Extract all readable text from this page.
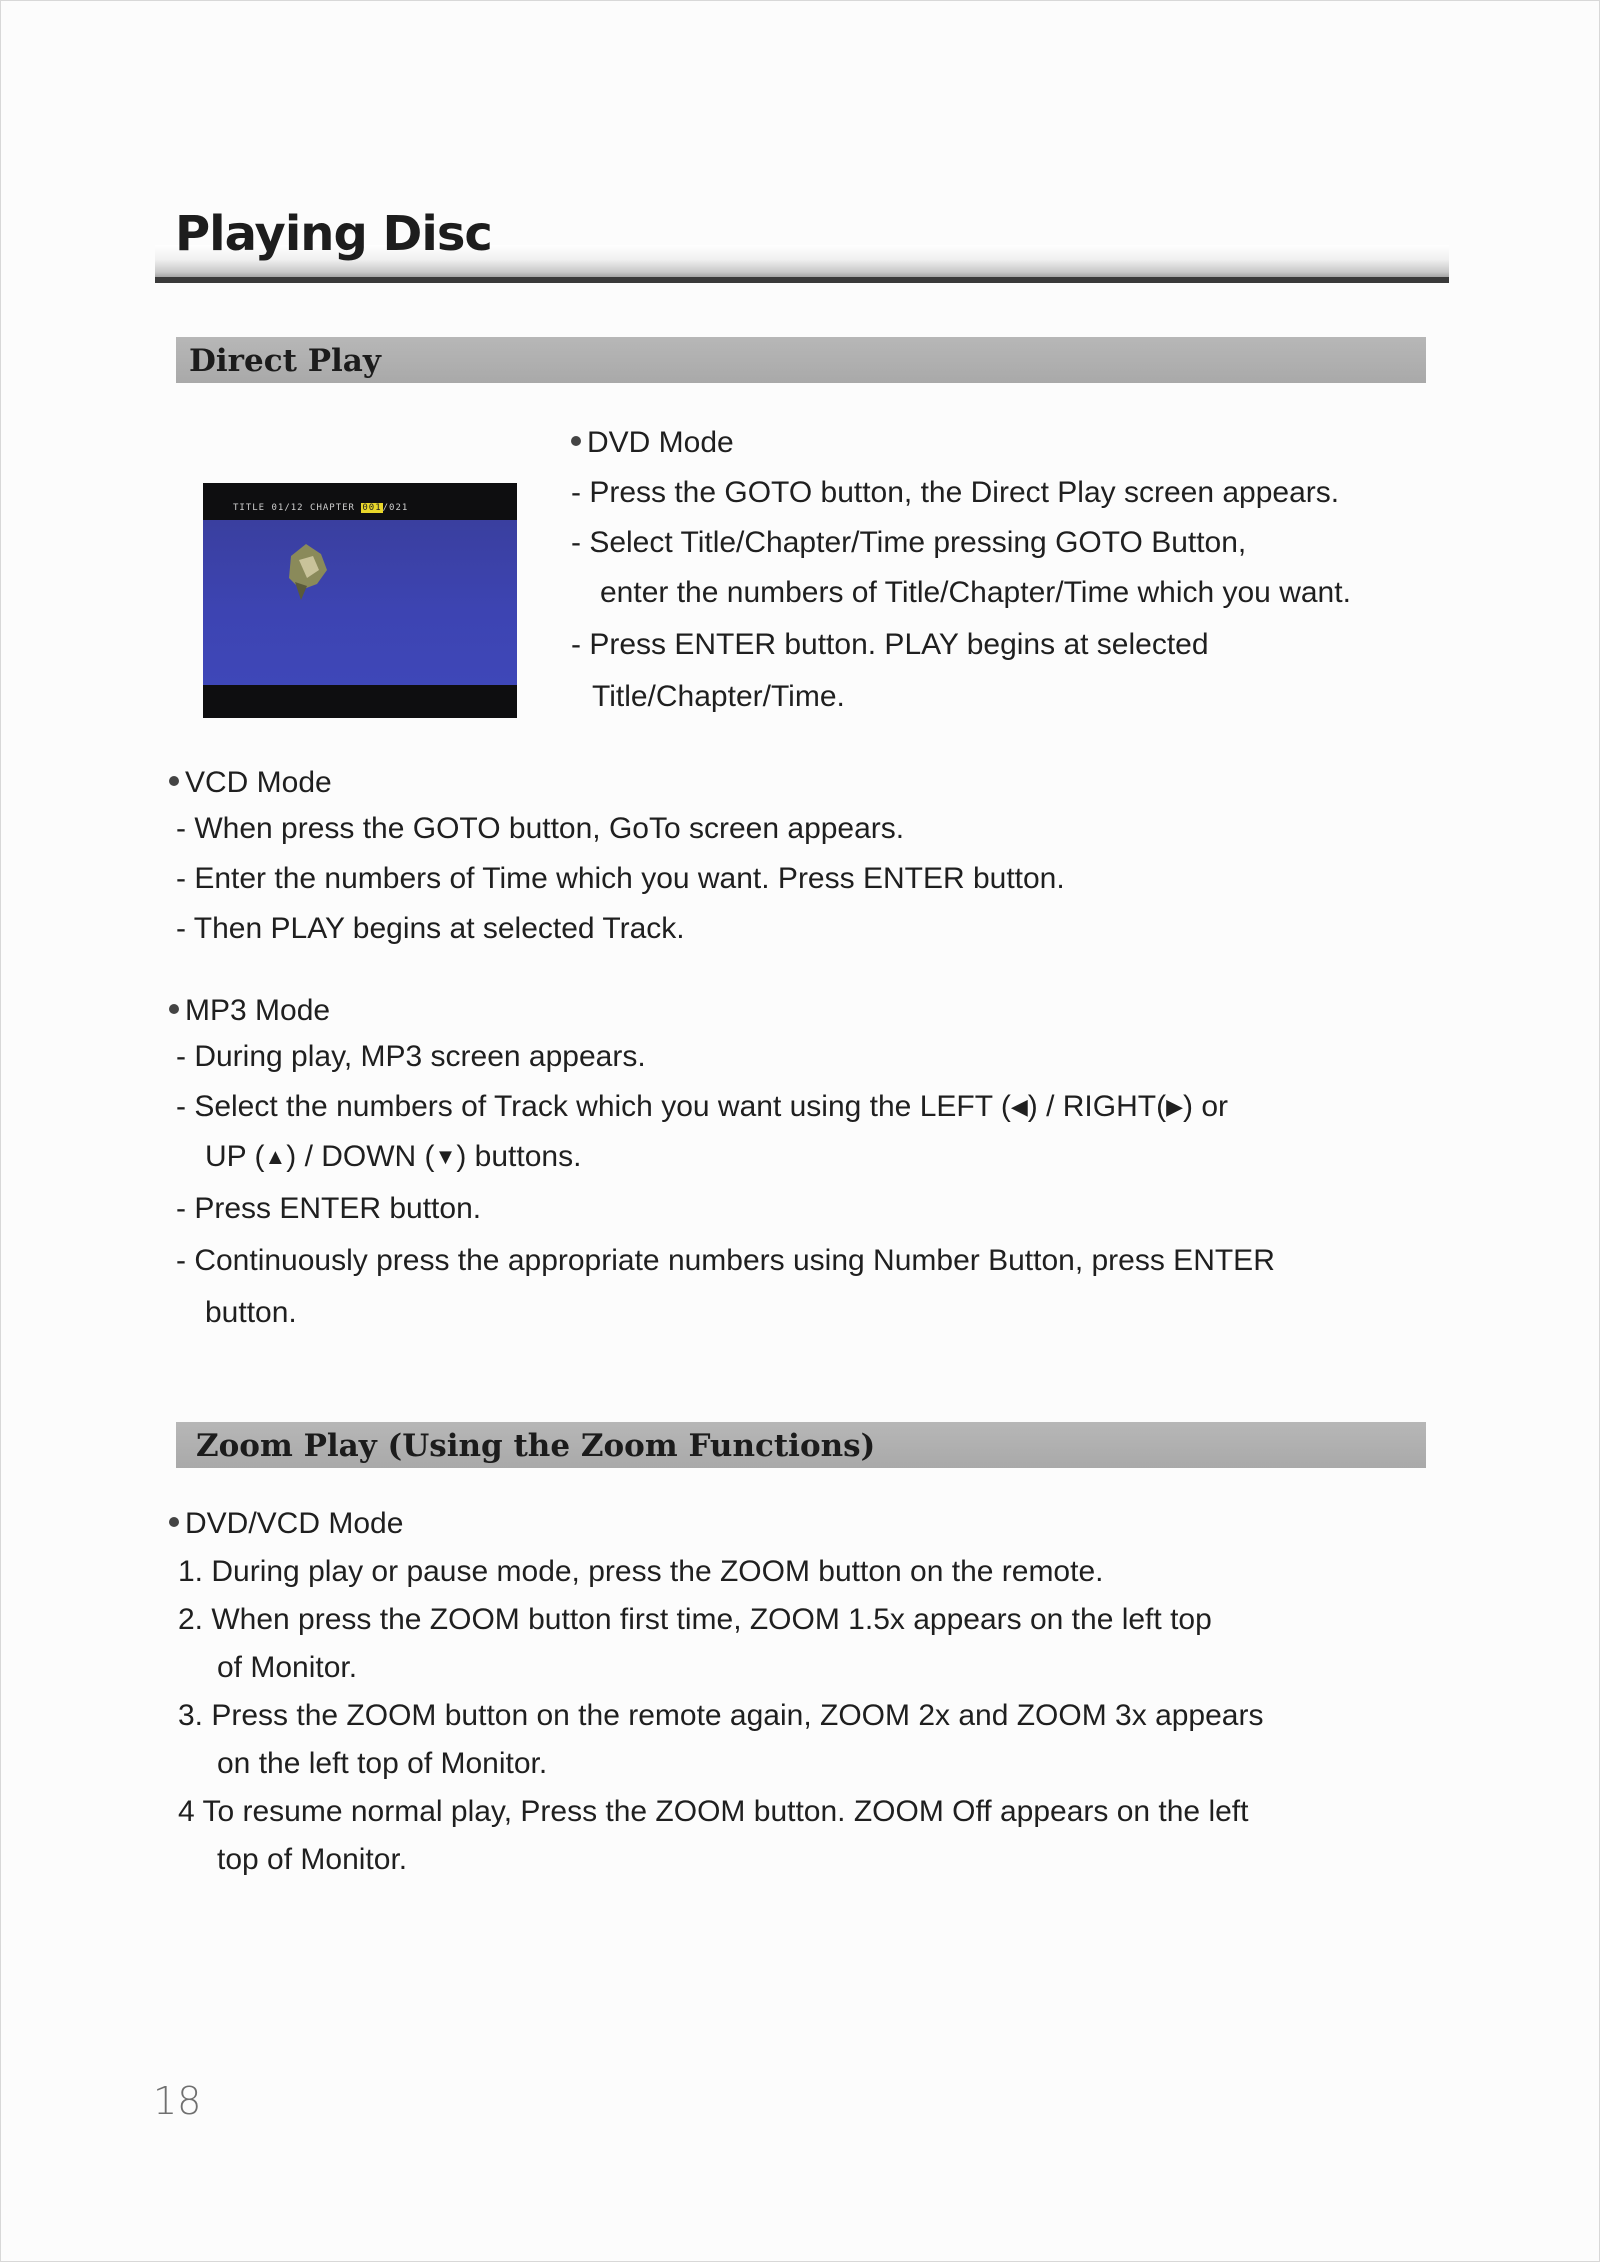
Playing Disc
Direct Play
TITLE 01/12 CHAPTER 001/021
DVD Mode
- Press the GOTO button, the Direct Play screen appears.
- Select Title/Chapter/Time pressing GOTO Button,
enter the numbers of Title/Chapter/Time which you want.
- Press ENTER button. PLAY begins at selected
Title/Chapter/Time.
VCD Mode
- When press the GOTO button, GoTo screen appears.
- Enter the numbers of Time which you want. Press ENTER button.
- Then PLAY begins at selected Track.
MP3 Mode
- During play, MP3 screen appears.
- Select the numbers of Track which you want using the LEFT (◀) / RIGHT(▶) or
UP (▲) / DOWN (▼) buttons.
- Press ENTER button.
- Continuously press the appropriate numbers using Number Button, press ENTER
button.
Zoom Play (Using the Zoom Functions)
DVD/VCD Mode
1. During play or pause mode, press the ZOOM button on the remote.
2. When press the ZOOM button first time, ZOOM 1.5x appears on the left top
of Monitor.
3. Press the ZOOM button on the remote again, ZOOM 2x and ZOOM 3x appears
on the left top of Monitor.
4 To resume normal play, Press the ZOOM button. ZOOM Off appears on the left
top of Monitor.
18
